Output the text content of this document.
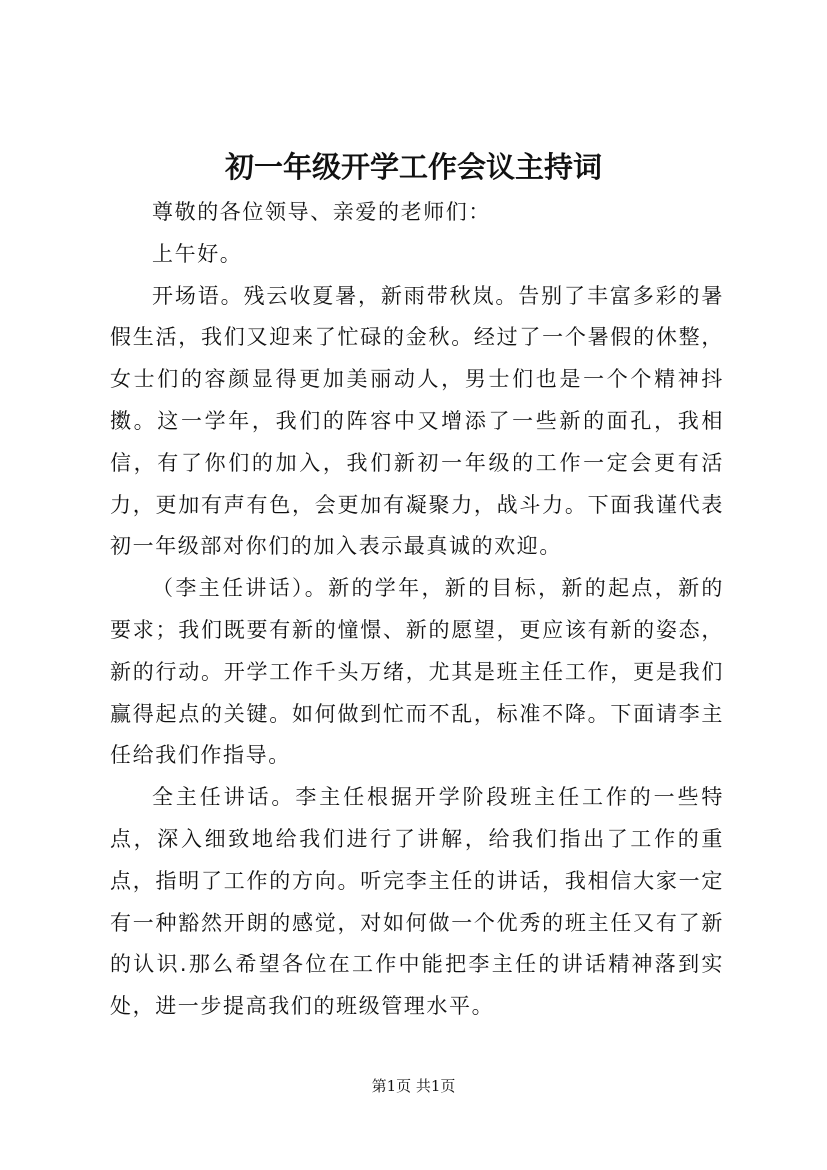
初一年级开学工作会议主持词

尊敬的各位领导、亲爱的老师们：

上午好。

开场语。残云收夏暑，新雨带秋岚。告别了丰富多彩的暑假生活，我们又迎来了忙碌的金秋。经过了一个暑假的休整，女士们的容颜显得更加美丽动人，男士们也是一个个精神抖擞。这一学年，我们的阵容中又增添了一些新的面孔，我相信，有了你们的加入，我们新初一年级的工作一定会更有活力，更加有声有色，会更加有凝聚力，战斗力。下面我谨代表初一年级部对你们的加入表示最真诚的欢迎。

（李主任讲话）。新的学年，新的目标，新的起点，新的要求；我们既要有新的憧憬、新的愿望，更应该有新的姿态，新的行动。开学工作千头万绪，尤其是班主任工作，更是我们赢得起点的关键。如何做到忙而不乱，标准不降。下面请李主任给我们作指导。

全主任讲话。李主任根据开学阶段班主任工作的一些特点，深入细致地给我们进行了讲解，给我们指出了工作的重点，指明了工作的方向。听完李主任的讲话，我相信大家一定有一种豁然开朗的感觉，对如何做一个优秀的班主任又有了新的认识.那么希望各位在工作中能把李主任的讲话精神落到实处，进一步提高我们的班级管理水平。

第1页 共1页
